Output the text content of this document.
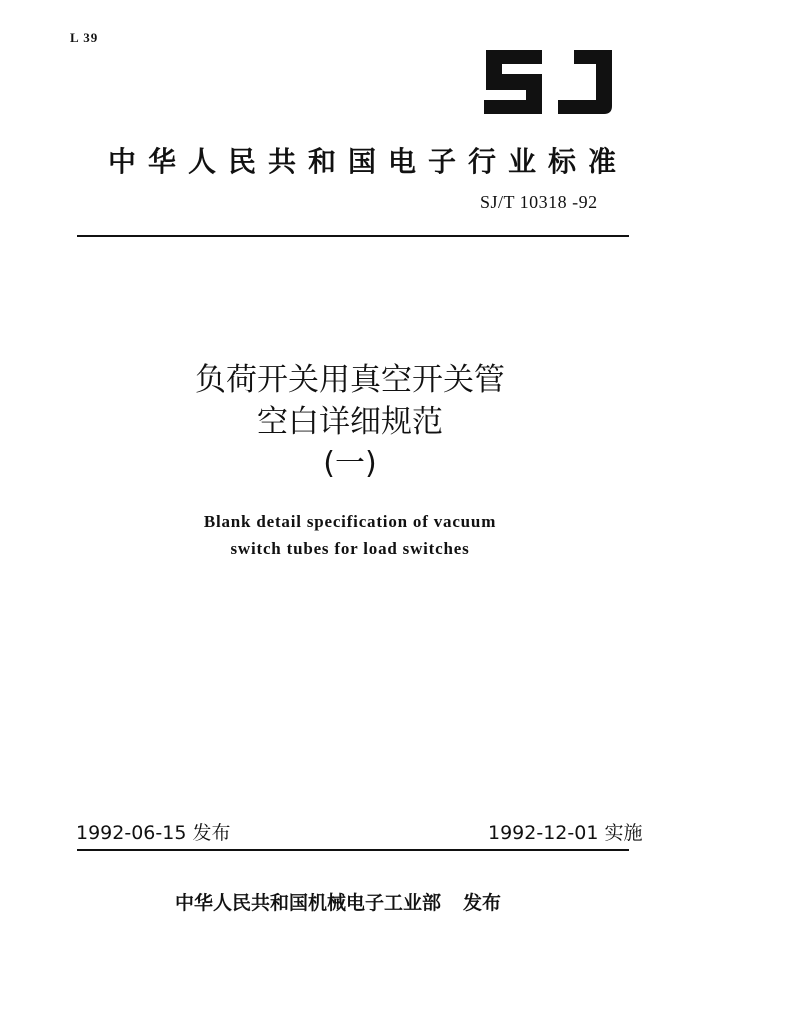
L 39
中华人民共和国电子行业标准
SJ/T 10318 -92
负荷开关用真空开关管
空白详细规范
(一)
Blank detail specification of vacuum
switch tubes for load switches
1992-06-15 发布	1992-12-01 实施
中华人民共和国机械电子工业部 发布
